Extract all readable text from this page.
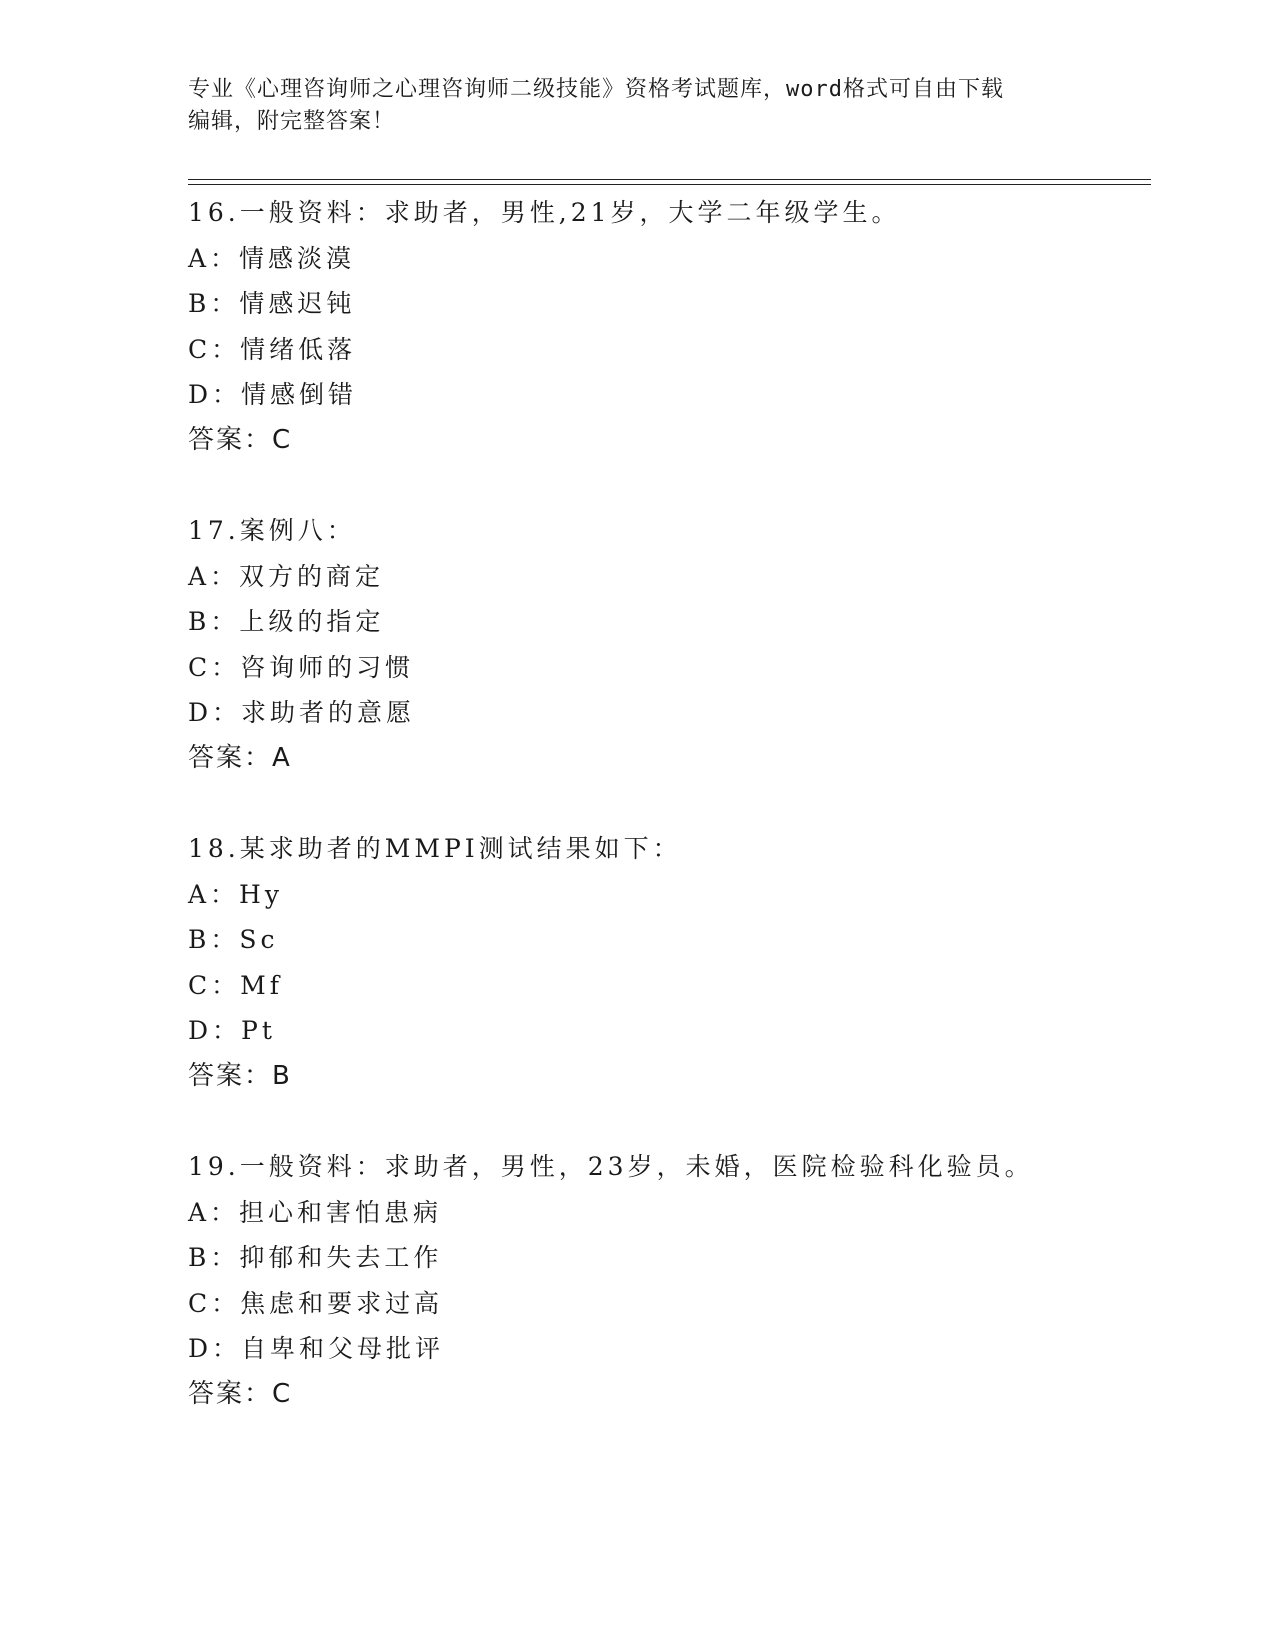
专业《心理咨询师之心理咨询师二级技能》资格考试题库，word格式可自由下载
编辑，附完整答案！
16.一般资料：求助者，男性,21岁，大学二年级学生。
A：情感淡漠
B：情感迟钝
C：情绪低落
D：情感倒错
答案：C
17.案例八：
A：双方的商定
B：上级的指定
C：咨询师的习惯
D：求助者的意愿
答案：A
18.某求助者的MMPI测试结果如下：
A：Hy
B：Sc
C：Mf
D：Pt
答案：B
19.一般资料：求助者，男性，23岁，未婚，医院检验科化验员。
A：担心和害怕患病
B：抑郁和失去工作
C：焦虑和要求过高
D：自卑和父母批评
答案：C
